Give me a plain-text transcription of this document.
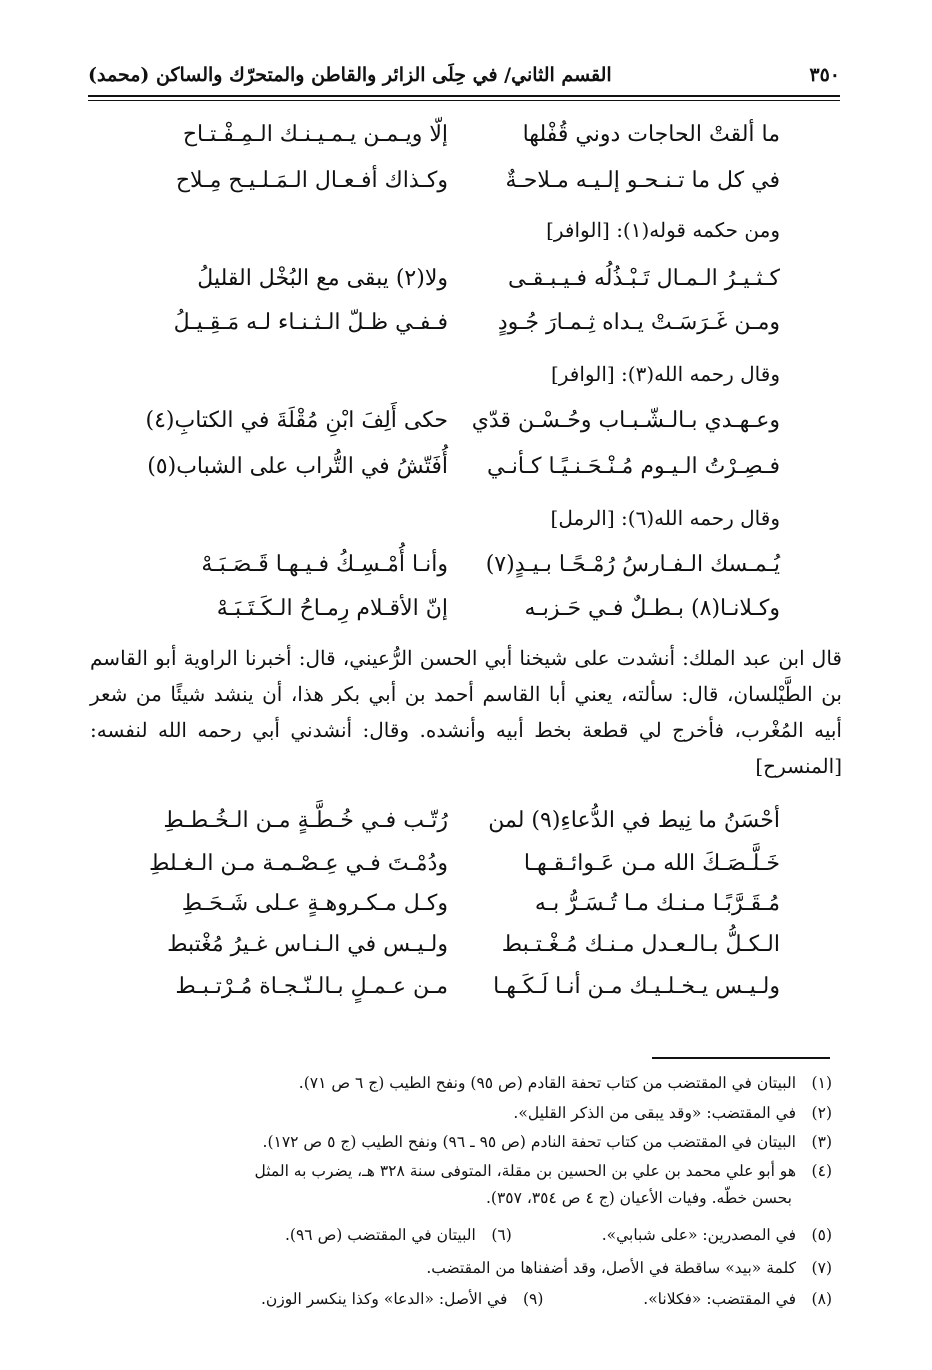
٣٥٠
القسم الثاني/ في حِلَى الزائر والقاطن والمتحرّك والساكن (محمد)
ما ألقتْ الحاجات دوني قُفْلها
إلّا ويـمـن يـمـيـنـك الـمِـفْـتـاح
في كل ما تـنـحـو إلـيـه مـلاحـةٌ
وكـذاك أفـعـال الـمَـلـيـح مِـلاح
ومن حكمه قوله(١): [الوافر]
كـثـيـرُ الـمـال تَـبْـذُلُه فـيـبـقـى
ولا(٢) يبقى مع البُخْل القليلُ
ومـن غَـرَسَـتْ يـداه ثِـمـارَ جُـودٍ
فـفـي ظـلّ الـثـنـاء لـه مَـقِـيـلُ
وقال رحمه الله(٣): [الوافر]
وعـهـدي بـالـشّـبـاب وحُـسْـن قدّي
حكى أَلِفَ ابْنِ مُقْلَةَ في الكتابِ(٤)
فـصِـرْتُ الـيـوم مُـنْـحَـنـيًـا كـأنـي
أُفَتّشُ في التُّراب على الشباب(٥)
وقال رحمه الله(٦): [الرمل]
يُـمـسك الـفـارسُ رُمْـحًـا بـيـدٍ(٧)
وأنـا أُمْـسِـكُ فـيـهـا قَـصَـبَـهْ
وكـلانـا(٨) بـطـلٌ فـي حَـزبـه
إنّ الأقـلام رِمـاحُ الـكَـتَـبَـهْ

قال ابن عبد الملك: أنشدت على شيخنا أبي الحسن الرُّعيني، قال: أخبرنا الراوية أبو القاسم بن الطَّيْلسان، قال: سألته، يعني أبا القاسم أحمد بن أبي بكر هذا، أن ينشد شيئًا من شعر أبيه المُغْرب، فأخرج لي قطعة بخط أبيه وأنشده. وقال: أنشدني أبي رحمه الله لنفسه: [المنسرح]

أحْسَنُ ما نِيط في الدُّعاءِ(٩) لمن
رُتّـب فـي خُـطَّـةٍ مـن الـخُـطـطِ
خَـلَّـصَـكَ الله مـن عَـوائـقـهـا
ودُمْـتَ فـي عِـصْـمـة مـن الـغـلطِ
مُـقَـرَّبًـا مـنـك مـا تُـسَـرُّ بـه
وكـل مـكـروهـةٍ عـلى شَـحَـطِ
الـكـلُّ بـالـعـدل مـنـك مُـغْـتـبط
ولـيـس في الـنـاس غـيرُ مُغْتبط
ولـيـس يـخـلـيـك مـن أنـا لَـكَـهـا
مـن عـمـلٍ بـالـنّـجـاة مُـرْتـبـط
(١)البيتان في المقتضب من كتاب تحفة القادم (ص ٩٥) ونفح الطيب (ج ٦ ص ٧١).
(٢)في المقتضب: «وقد يبقى من الذكر القليل».
(٣)البيتان في المقتضب من كتاب تحفة النادم (ص ٩٥ ـ ٩٦) ونفح الطيب (ج ٥ ص ١٧٢).
(٤)هو أبو علي محمد بن علي بن الحسين بن مقلة، المتوفى سنة ٣٢٨ هـ، يضرب به المثل
بحسن خطّه. وفيات الأعيان (ج ٤ ص ٣٥٤، ٣٥٧).
(٥)في المصدرين: «على شبابي».  (٦)البيتان في المقتضب (ص ٩٦).
(٧)كلمة «بيد» ساقطة في الأصل، وقد أضفناها من المقتضب.
(٨)في المقتضب: «فكلانا».  (٩)في الأصل: «الدعا» وكذا ينكسر الوزن.
